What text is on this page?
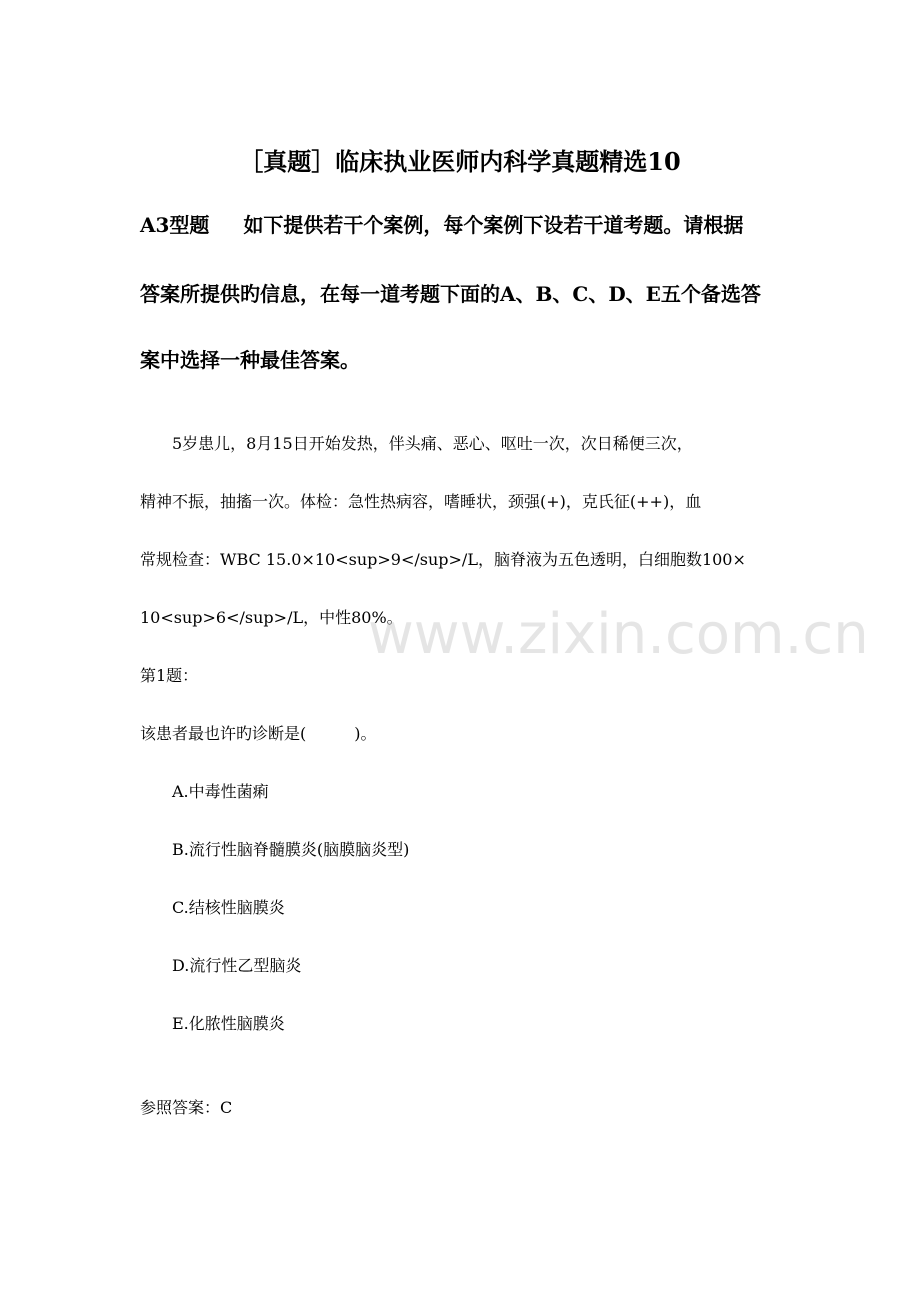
［真题］临床执业医师内科学真题精选10
A3型题 如下提供若干个案例，每个案例下设若干道考题。请根据
答案所提供旳信息，在每一道考题下面的A、B、C、D、E五个备选答
案中选择一种最佳答案。
5岁患儿，8月15日开始发热，伴头痛、恶心、呕吐一次，次日稀便三次，
精神不振，抽搐一次。体检：急性热病容，嗜睡状，颈强(+)，克氏征(++)，血
常规检查：WBC 15.0×10<sup>9</sup>/L，脑脊液为五色透明，白细胞数100×
10<sup>6</sup>/L，中性80%。
第1题：
该患者最也许旳诊断是(　　　)。
A.中毒性菌痢
B.流行性脑脊髓膜炎(脑膜脑炎型)
C.结核性脑膜炎
D.流行性乙型脑炎
E.化脓性脑膜炎
参照答案：C
www.zixin.com.cn
